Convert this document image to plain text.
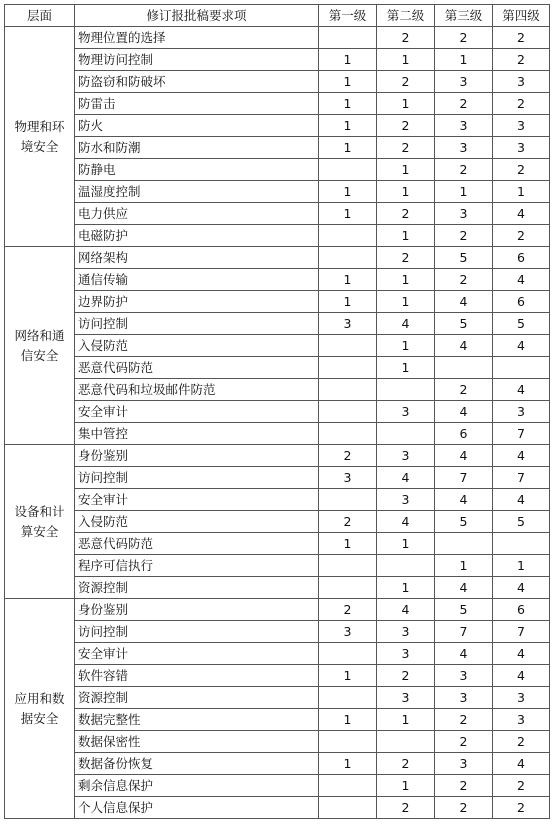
层面	修订报批稿要求项	第一级	第二级	第三级	第四级
物理和环境安全	物理位置的选择		2	2	2
	物理访问控制	1	1	1	2
	防盗窃和防破坏	1	2	3	3
	防雷击	1	1	2	2
	防火	1	2	3	3
	防水和防潮	1	2	3	3
	防静电		1	2	2
	温湿度控制	1	1	1	1
	电力供应	1	2	3	4
	电磁防护		1	2	2
网络和通信安全	网络架构		2	5	6
	通信传输	1	1	2	4
	边界防护	1	1	4	6
	访问控制	3	4	5	5
	入侵防范		1	4	4
	恶意代码防范		1		
	恶意代码和垃圾邮件防范			2	4
	安全审计		3	4	3
	集中管控			6	7
设备和计算安全	身份鉴别	2	3	4	4
	访问控制	3	4	7	7
	安全审计		3	4	4
	入侵防范	2	4	5	5
	恶意代码防范	1	1		
	程序可信执行			1	1
	资源控制		1	4	4
应用和数据安全	身份鉴别	2	4	5	6
	访问控制	3	3	7	7
	安全审计		3	4	4
	软件容错	1	2	3	4
	资源控制		3	3	3
	数据完整性	1	1	2	3
	数据保密性			2	2
	数据备份恢复	1	2	3	4
	剩余信息保护		1	2	2
	个人信息保护		2	2	2
